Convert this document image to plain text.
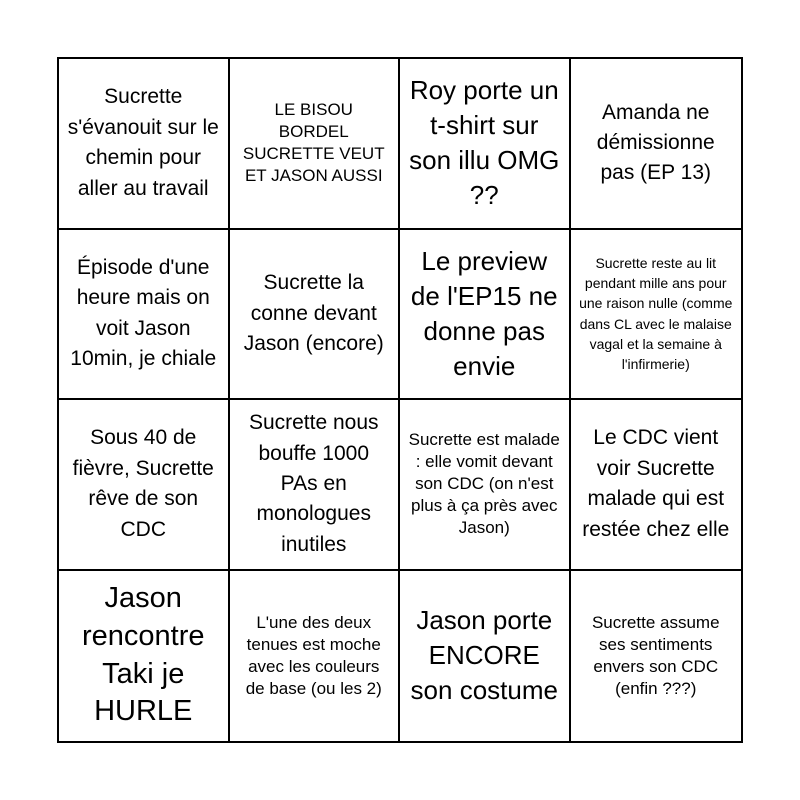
Sucrette s'évanouit sur le chemin pour aller au travail
LE BISOU BORDEL SUCRETTE VEUT ET JASON AUSSI
Roy porte un t-shirt sur son illu OMG ??
Amanda ne démissionne pas (EP 13)
Épisode d'une heure mais on voit Jason 10min, je chiale
Sucrette la conne devant Jason (encore)
Le preview de l'EP15 ne donne pas envie
Sucrette reste au lit pendant mille ans pour une raison nulle (comme dans CL avec le malaise vagal et la semaine à l'infirmerie)
Sous 40 de fièvre, Sucrette rêve de son CDC
Sucrette nous bouffe 1000 PAs en monologues inutiles
Sucrette est malade : elle vomit devant son CDC (on n'est plus à ça près avec Jason)
Le CDC vient voir Sucrette malade qui est restée chez elle
Jason rencontre Taki je HURLE
L'une des deux tenues est moche avec les couleurs de base (ou les 2)
Jason porte ENCORE son costume
Sucrette assume ses sentiments envers son CDC (enfin ???)
